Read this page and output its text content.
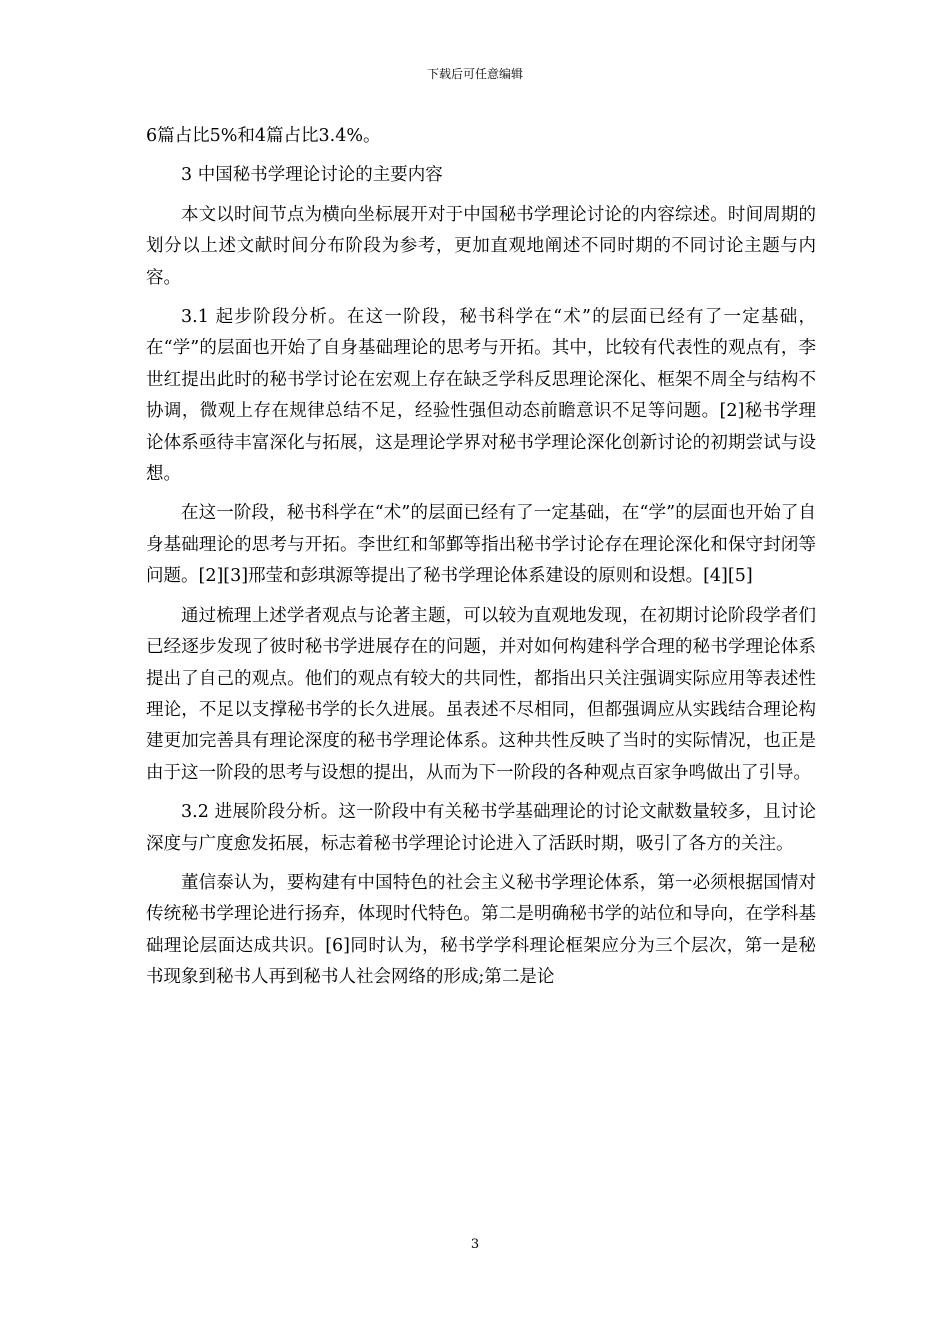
下载后可任意编辑

6篇占比5%和4篇占比3.4%。

3 中国秘书学理论讨论的主要内容

本文以时间节点为横向坐标展开对于中国秘书学理论讨论的内容综述。时间周期的划分以上述文献时间分布阶段为参考，更加直观地阐述不同时期的不同讨论主题与内容。

3.1 起步阶段分析。在这一阶段，秘书科学在“术”的层面已经有了一定基础，在“学”的层面也开始了自身基础理论的思考与开拓。其中，比较有代表性的观点有，李世红提出此时的秘书学讨论在宏观上存在缺乏学科反思理论深化、框架不周全与结构不协调，微观上存在规律总结不足，经验性强但动态前瞻意识不足等问题。[2]秘书学理论体系亟待丰富深化与拓展，这是理论学界对秘书学理论深化创新讨论的初期尝试与设想。

在这一阶段，秘书科学在“术”的层面已经有了一定基础，在“学”的层面也开始了自身基础理论的思考与开拓。李世红和邹鄞等指出秘书学讨论存在理论深化和保守封闭等问题。[2][3]邢莹和彭琪源等提出了秘书学理论体系建设的原则和设想。[4][5]

通过梳理上述学者观点与论著主题，可以较为直观地发现，在初期讨论阶段学者们已经逐步发现了彼时秘书学进展存在的问题，并对如何构建科学合理的秘书学理论体系提出了自己的观点。他们的观点有较大的共同性，都指出只关注强调实际应用等表述性理论，不足以支撑秘书学的长久进展。虽表述不尽相同，但都强调应从实践结合理论构建更加完善具有理论深度的秘书学理论体系。这种共性反映了当时的实际情况，也正是由于这一阶段的思考与设想的提出，从而为下一阶段的各种观点百家争鸣做出了引导。

3.2 进展阶段分析。这一阶段中有关秘书学基础理论的讨论文献数量较多，且讨论深度与广度愈发拓展，标志着秘书学理论讨论进入了活跃时期，吸引了各方的关注。

董信泰认为，要构建有中国特色的社会主义秘书学理论体系，第一必须根据国情对传统秘书学理论进行扬弃，体现时代特色。第二是明确秘书学的站位和导向，在学科基础理论层面达成共识。[6]同时认为，秘书学学科理论框架应分为三个层次，第一是秘书现象到秘书人再到秘书人社会网络的形成;第二是论

3
